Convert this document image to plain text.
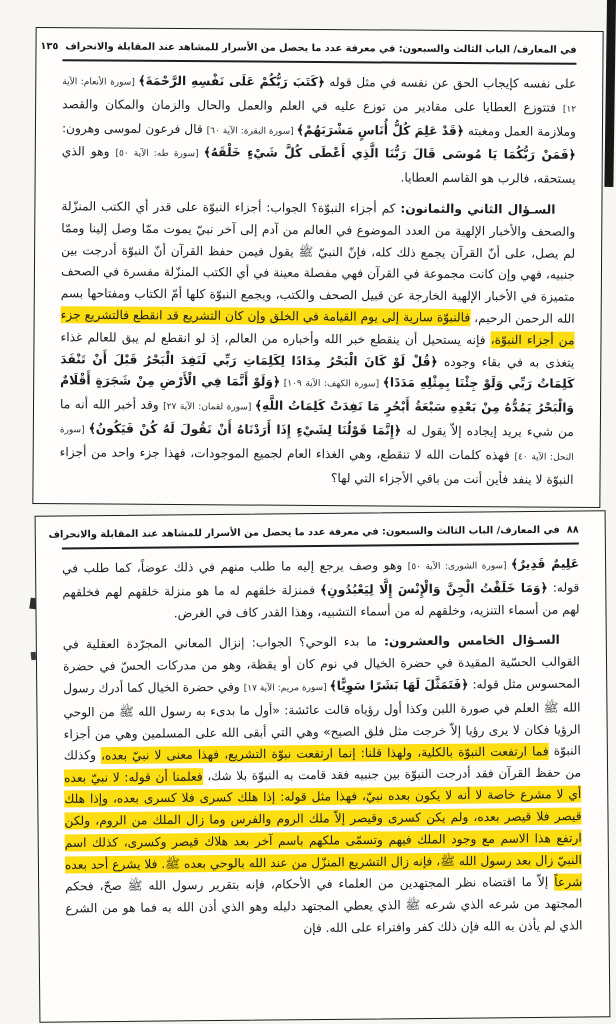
في المعارف/ الباب الثالث والسبعون: في معرفة عدد ما يحصل من الأسرار للمشاهد عند المقابلة والانحراف
١٣٥

على نفسه كإيجاب الحق عن نفسه في مثل قوله ﴿كَتَبَ رَبُّكُمْ عَلَى نَفْسِهِ الرَّحْمَةَ﴾ [سورة الأنعام: الآية ١٢] فتتوزع العطايا على مقادير من توزع عليه في العلم والعمل والحال والزمان والمكان والقصد وملازمة العمل ومغبته ﴿قَدْ عَلِمَ كُلُّ أُنَاسٍ مَشْرَبَهُمْ﴾ [سورة البقرة: الآية ٦٠] قال فرعون لموسى وهرون: ﴿فَمَنْ رَبُّكُمَا يَا مُوسَى قَالَ رَبُّنَا الَّذِي أَعْطَى كُلَّ شَيْءٍ خَلْقَهُ﴾ [سورة طه: الآية ٥٠] وهو الذي يستحقه، فالرب هو القاسم العطايا.

السـؤال الثاني والثمانون: كم أجزاء النبوّة؟ الجواب: أجزاء النبوّة على قدر أي الكتب المنزّلة والصحف والأخبار الإلهية من العدد الموضوع في العالم من آدم إلى آخر نبيّ يموت ممّا وصل إلينا وممّا لم يصل، على أنّ القرآن يجمع ذلك كله، فإنّ النبيّ ﷺ يقول فيمن حفظ القرآن أنّ النبوّة أدرجت بين جنبيه، فهي وإن كانت مجموعة في القرآن فهي مفصلة معينة في أي الكتب المنزّلة مفسرة في الصحف متميزة في الأخبار الإلهية الخارجة عن قبيل الصحف والكتب، ويجمع النبوّة كلها أمّ الكتاب ومفتاحها بسم الله الرحمن الرحيم، فالنبوّة سارية إلى يوم القيامة في الخلق وإن كان التشريع قد انقطع فالتشريع جزء من أجزاء النبوّة، فإنه يستحيل أن ينقطع خبر الله وأخباره من العالم، إذ لو انقطع لم يبق للعالم غذاء يتغذى به في بقاء وجوده ﴿قُلْ لَوْ كَانَ الْبَحْرُ مِدَادًا لِكَلِمَاتِ رَبِّي لَنَفِدَ الْبَحْرُ قَبْلَ أَنْ تَنْفَدَ كَلِمَاتُ رَبِّي وَلَوْ جِئْنَا بِمِثْلِهِ مَدَدًا﴾ [سورة الكهف: الآية ١٠٩] ﴿وَلَوْ أَنَّمَا فِي الْأَرْضِ مِنْ شَجَرَةٍ أَقْلَامٌ وَالْبَحْرُ يَمُدُّهُ مِنْ بَعْدِهِ سَبْعَةُ أَبْحُرٍ مَا نَفِدَتْ كَلِمَاتُ اللَّهِ﴾ [سورة لقمان: الآية ٢٧] وقد أخبر الله أنه ما من شيء يريد إيجاده إلاّ يقول له ﴿إِنَّمَا قَوْلُنَا لِشَيْءٍ إِذَا أَرَدْنَاهُ أَنْ نَقُولَ لَهُ كُنْ فَيَكُونُ﴾ [سورة النحل: الآية ٤٠] فهذه كلمات الله لا تنقطع، وهي الغذاء العام لجميع الموجودات، فهذا جزء واحد من أجزاء النبوّة لا ينفد فأين أنت من باقي الأجزاء التي لها؟

٨٨
في المعارف/ الباب الثالث والسبعون: في معرفة عدد ما يحصل من الأسرار للمشاهد عند المقابلة والانحراف

عَلِيمٌ قَدِيرٌ﴾ [سورة الشورى: الآية ٥٠] وهو وصف يرجع إليه ما طلب منهم في ذلك عوضاً، كما طلب في قوله: ﴿وَمَا خَلَقْتُ الْجِنَّ وَالْإِنْسَ إِلَّا لِيَعْبُدُونِ﴾ فمنزلة خلقهم له ما هو منزلة خلقهم لهم فخلقهم لهم من أسماء التنزيه، وخلقهم له من أسماء التشبيه، وهذا القدر كاف في الغرض.

السـؤال الخامس والعشرون: ما بدء الوحي؟ الجواب: إنزال المعاني المجرّدة العقلية في القوالب الحسّية المقيدة في حضرة الخيال في نوم كان أو يقظة، وهو من مدركات الحسّ في حضرة المحسوس مثل قوله: ﴿فَتَمَثَّلَ لَهَا بَشَرًا سَوِيًّا﴾ [سورة مريم: الآية ١٧] وفي حضرة الخيال كما أدرك رسول الله ﷺ العلم في صورة اللبن وكذا أول رؤياه قالت عائشة: «أول ما بدىء به رسول الله ﷺ من الوحي الرؤيا فكان لا يرى رؤيا إلاّ خرجت مثل فلق الصبح» وهي التي أبقى الله على المسلمين وهي من أجزاء النبوّة فما ارتفعت النبوّة بالكلية، ولهذا قلنا: إنما ارتفعت نبوّة التشريع، فهذا معنى لا نبيّ بعده، وكذلك من حفظ القرآن فقد أدرجت النبوّة بين جنبيه فقد قامت به النبوّة بلا شك، فعلمنا أن قوله: لا نبيّ بعده أي لا مشرع خاصة لا أنه لا يكون بعده نبيّ، فهذا مثل قوله: إذا هلك كسرى فلا كسرى بعده، وإذا هلك قيصر فلا قيصر بعده، ولم يكن كسرى وقيصر إلاّ ملك الروم والفرس وما زال الملك من الروم، ولكن ارتفع هذا الاسم مع وجود الملك فيهم وتسمّى ملكهم باسم آخر بعد هلاك قيصر وكسرى، كذلك اسم النبيّ زال بعد رسول الله ﷺ، فإنه زال التشريع المنزّل من عند الله بالوحي بعده ﷺ. فلا يشرع أحد بعده شرعاً إلاّ ما اقتضاه نظر المجتهدين من العلماء في الأحكام، فإنه بتقرير رسول الله ﷺ صحّ، فحكم المجتهد من شرعه الذي شرعه ﷺ الذي يعطي المجتهد دليله وهو الذي أذن الله به فما هو من الشرع الذي لم يأذن به الله فإن ذلك كفر وافتراء على الله. فإن
